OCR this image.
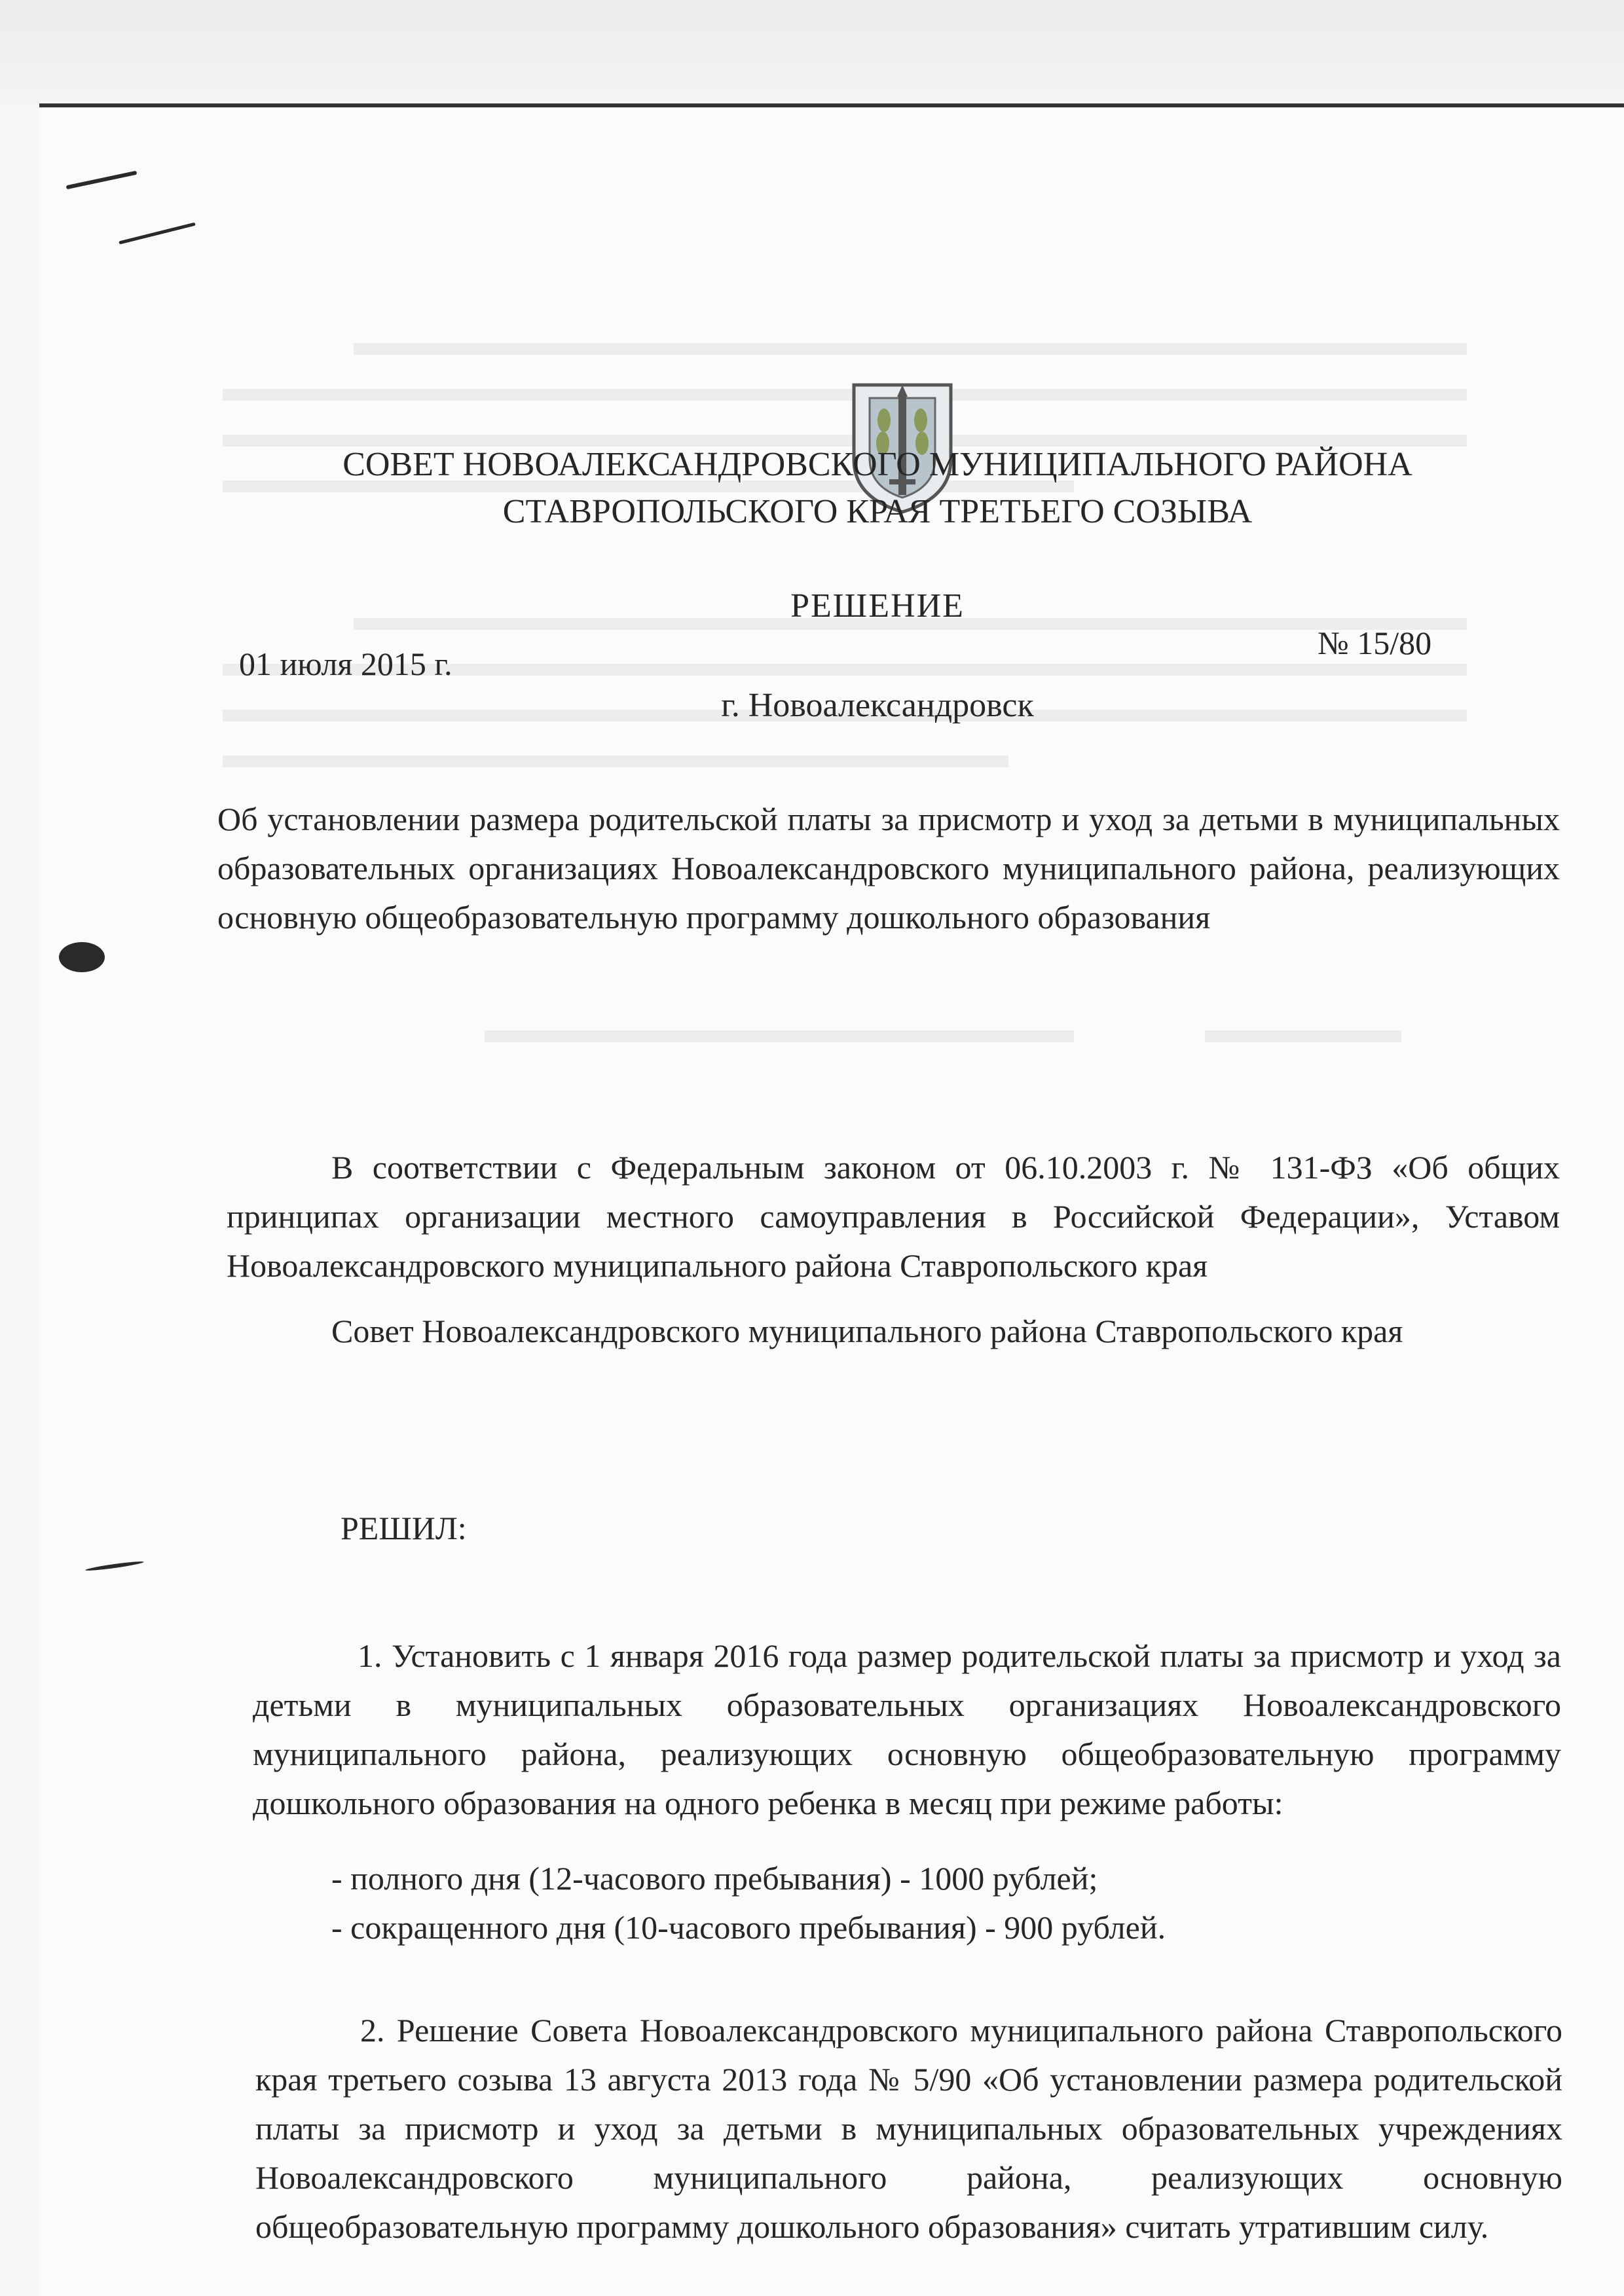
СОВЕТ НОВОАЛЕКСАНДРОВСКОГО МУНИЦИПАЛЬНОГО РАЙОНА
СТАВРОПОЛЬСКОГО КРАЯ ТРЕТЬЕГО СОЗЫВА
РЕШЕНИЕ
01 июля 2015 г.
№ 15/80
г. Новоалександровск
Об установлении размера родительской платы за присмотр и уход за детьми в муниципальных образовательных организациях Новоалександровского муниципального района, реализующих основную общеобразовательную программу дошкольного образования
В соответствии с Федеральным законом от 06.10.2003 г. № 131-ФЗ «Об общих принципах организации местного самоуправления в Российской Федерации», Уставом Новоалександровского муниципального района Ставропольского края
Совет Новоалександровского муниципального района Ставропольского края
РЕШИЛ:
1. Установить с 1 января 2016 года размер родительской платы за присмотр и уход за детьми в муниципальных образовательных организациях Новоалександровского муниципального района, реализующих основную общеобразовательную программу дошкольного образования на одного ребенка в месяц при режиме работы:
- полного дня (12-часового пребывания) - 1000 рублей;
- сокращенного дня (10-часового пребывания) - 900 рублей.
2. Решение Совета Новоалександровского муниципального района Ставропольского края третьего созыва 13 августа 2013 года № 5/90 «Об установлении размера родительской платы за присмотр и уход за детьми в муниципальных образовательных учреждениях Новоалександровского муниципального района, реализующих основную общеобразовательную программу дошкольного образования» считать утратившим силу.
